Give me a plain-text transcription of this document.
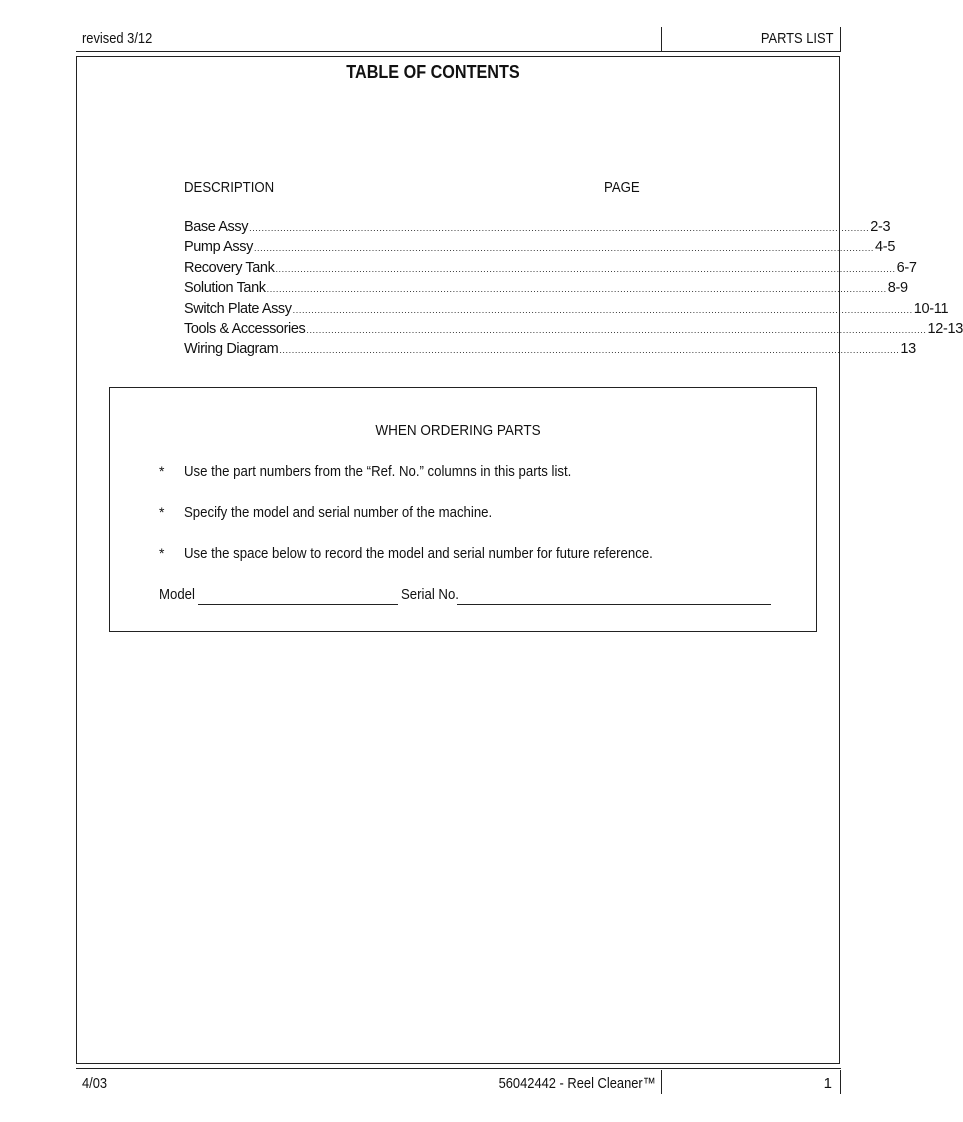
revised 3/12	PARTS LIST
TABLE OF CONTENTS
DESCRIPTION	PAGE
Base Assy ........................................................................................................................................................................................................ 2-3
Pump Assy ........................................................................................................................................................................................................ 4-5
Recovery Tank ........................................................................................................................................................................................................ 6-7
Solution Tank ........................................................................................................................................................................................................ 8-9
Switch Plate Assy ........................................................................................................................................................................................................ 10-11
Tools & Accessories ........................................................................................................................................................................................................ 12-13
Wiring Diagram ........................................................................................................................................................................................................ 13
WHEN ORDERING PARTS
* Use the part numbers from the “Ref. No.” columns in this parts list.
* Specify the model and serial number of the machine.
* Use the space below to record the model and serial number for future reference.
Model	Serial No.
4/03	56042442 - Reel Cleaner™	1
